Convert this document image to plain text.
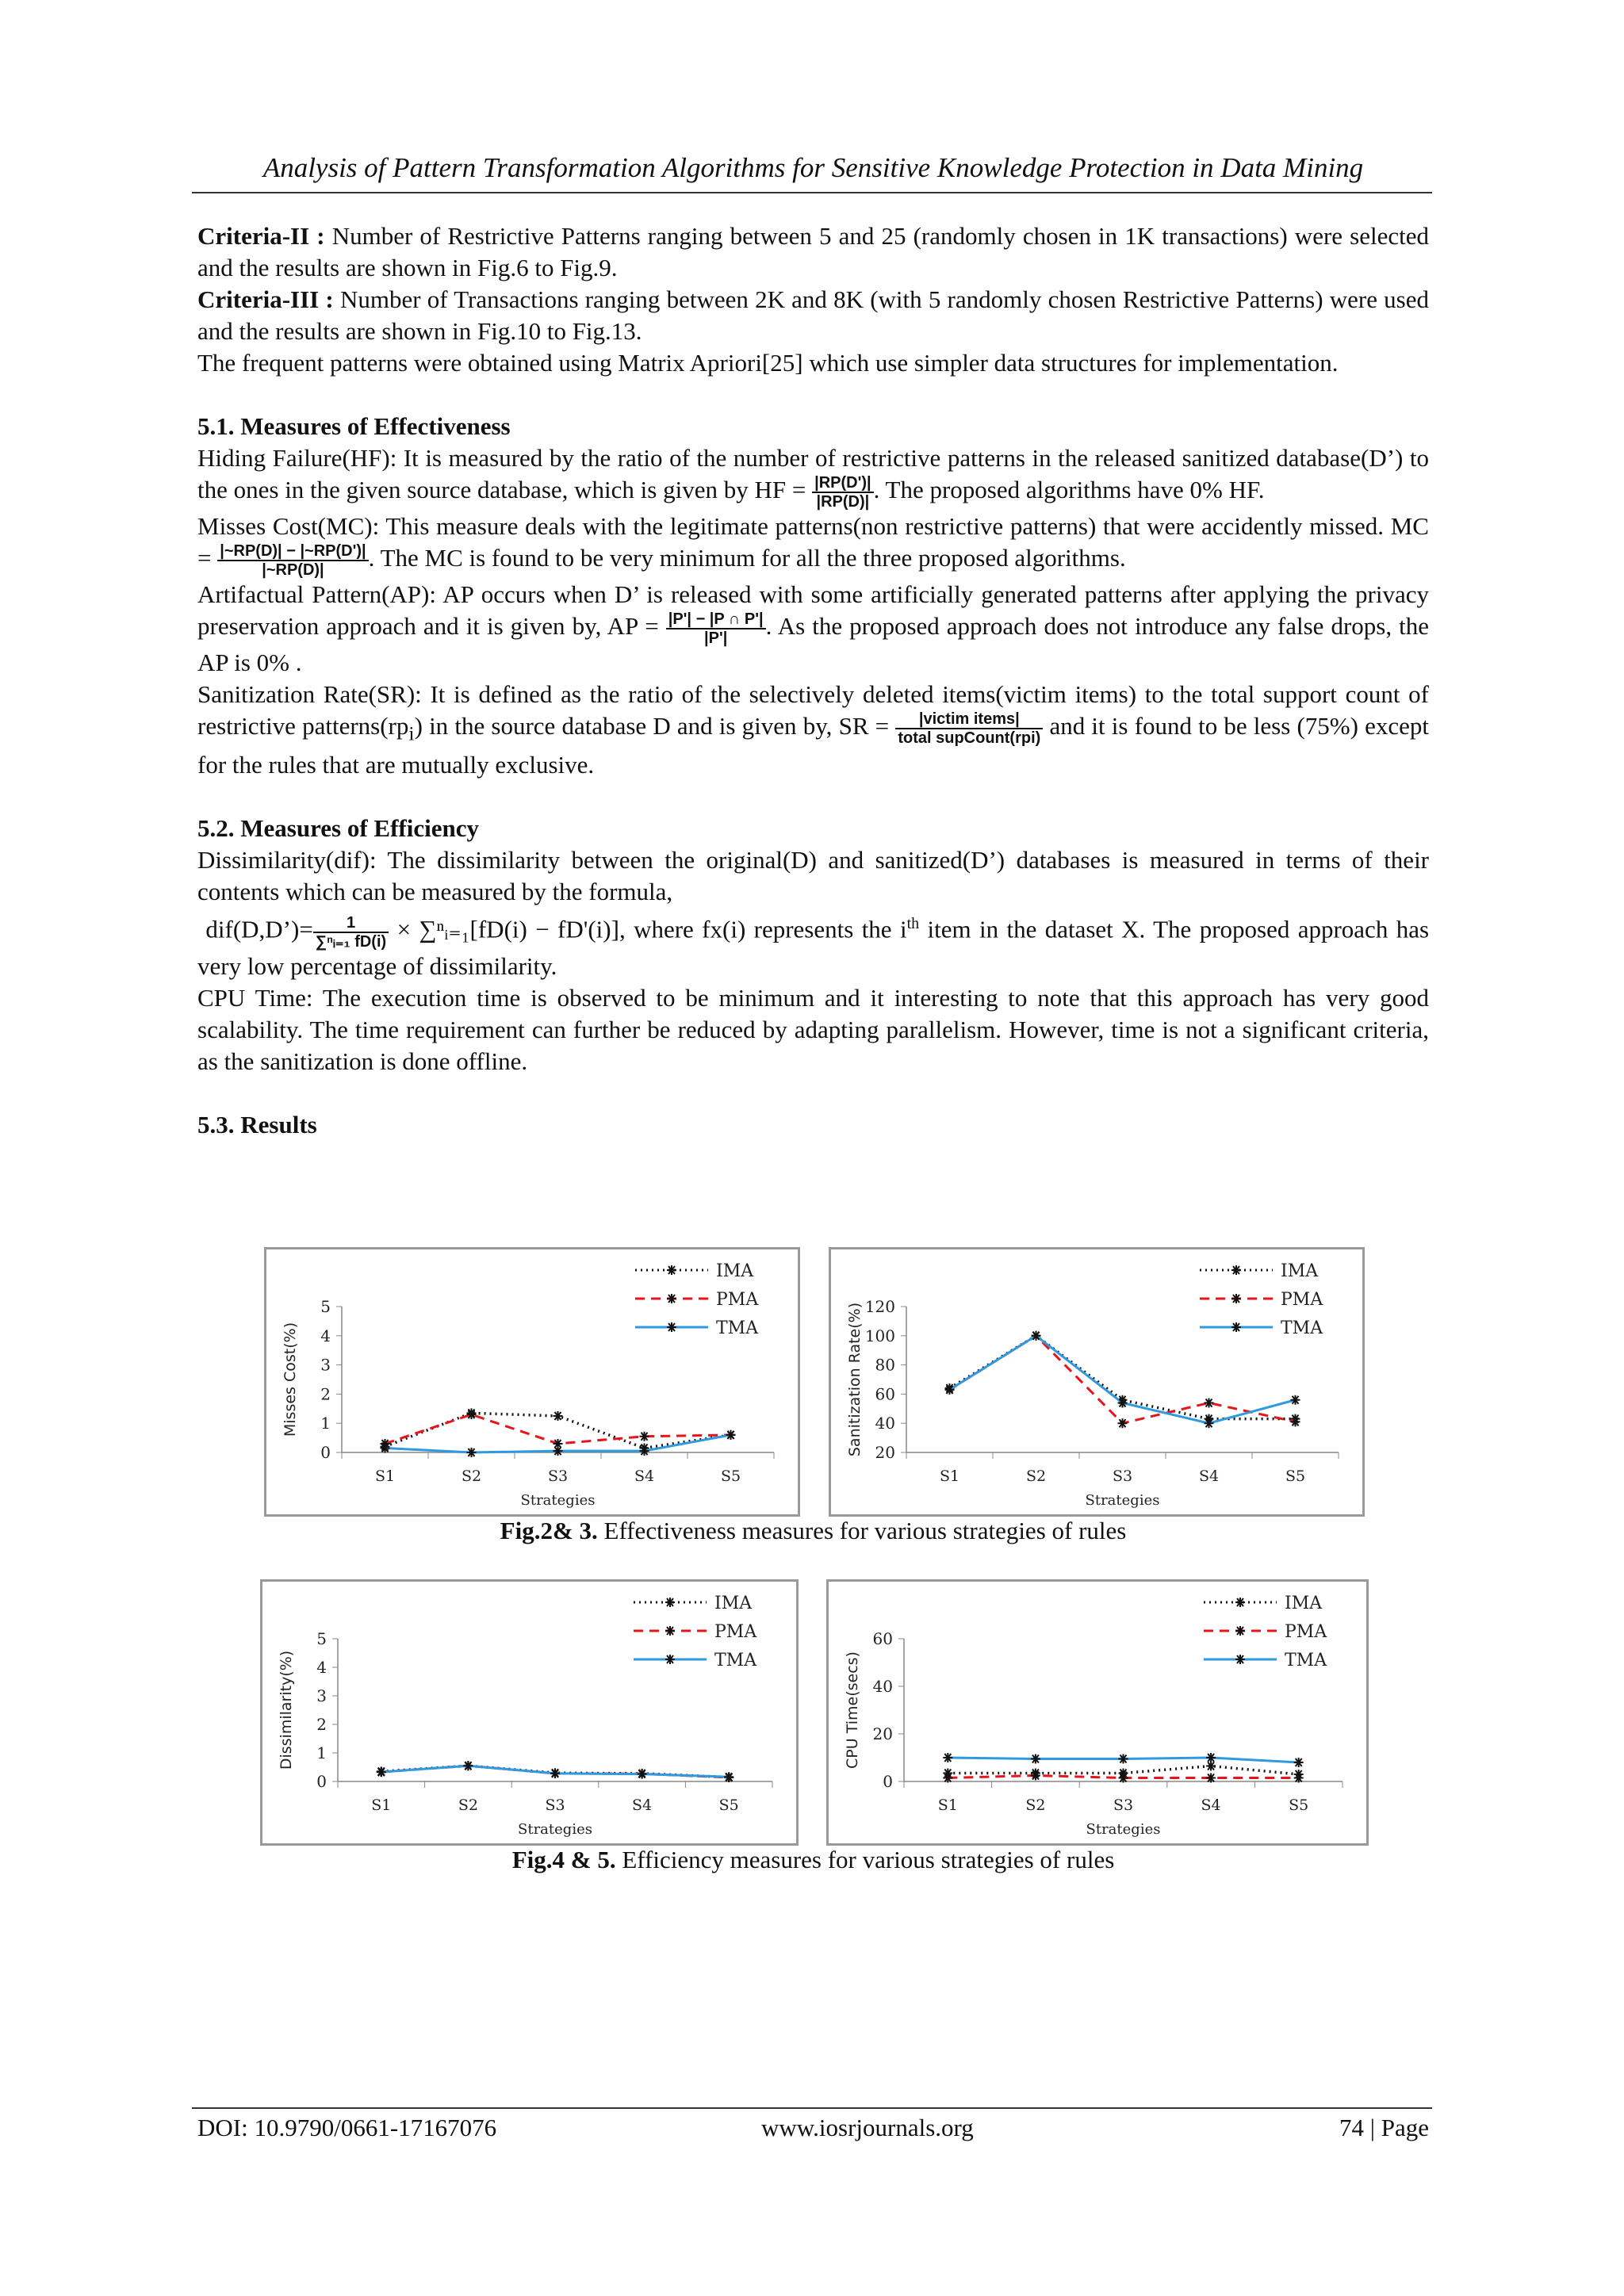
Analysis of Pattern Transformation Algorithms for Sensitive Knowledge Protection in Data Mining

Criteria-II : Number of Restrictive Patterns ranging between 5 and 25 (randomly chosen in 1K transactions) were selected and the results are shown in Fig.6 to Fig.9.

Criteria-III : Number of Transactions ranging between 2K and 8K (with 5 randomly chosen Restrictive Patterns) were used and the results are shown in Fig.10 to Fig.13.

The frequent patterns were obtained using Matrix Apriori[25] which use simpler data structures for implementation.

5.1. Measures of Effectiveness

Hiding Failure(HF): It is measured by the ratio of the number of restrictive patterns in the released sanitized database(D’) to the ones in the given source database, which is given by HF = $\frac{|RP(D')|}{|RP(D)|}$ . The proposed algorithms have 0% HF.

Misses Cost(MC): This measure deals with the legitimate patterns(non restrictive patterns) that were accidently missed. MC = $\frac{|\sim RP(D)| - |\sim RP(D')|}{|\sim RP(D)|}$ . The MC is found to be very minimum for all the three proposed algorithms.

Artifactual Pattern(AP): AP occurs when D’ is released with some artificially generated patterns after applying the privacy preservation approach and it is given by, AP = $\frac{|P'| - |P \cap P'|}{|P'|}$ . As the proposed approach does not introduce any false drops, the AP is 0% .

Sanitization Rate(SR): It is defined as the ratio of the selectively deleted items(victim items) to the total support count of restrictive $patterns(rp_i)$ in the source database D and is given by, SR = $\frac{\text{|victim items|}}{\text{total supCount(rpi)}}$ and it is found to be less (75%) except for the rules that are mutually exclusive.

5.2. Measures of Efficiency

Dissimilarity(dif): The dissimilarity between the original(D) and sanitized(D’) databases is measured in terms of their contents which can be measured by the formula,

dif(D,D’)= $\frac{1}{\text{∑ⁿᵢ₌₁ fD(i)}}$ × ∑ⁿᵢ₌₁[fD(i) − fD'(i)], where fx(i) represents the $i^{th}$ item in the dataset X. The proposed approach has very low percentage of dissimilarity.

CPU Time: The execution time is observed to be minimum and it interesting to note that this approach has very good scalability. The time requirement can further be reduced by adapting parallelism. However, time is not a significant criteria, as the sanitization is done offline.

5.3. Results
0
1
2
3
4
5
S1	S2	S3	S4	S5
Strategies
Misses Cost(%)
IMA
PMA
TMA
20
40
60
80
100
120
S1	S2	S3	S4	S5
Strategies
Sanitization Rate(%)
IMA
PMA
TMA
Fig.2& 3. Effectiveness measures for various strategies of rules
0
1
2
3
4
5
S1	S2	S3	S4	S5
Strategies
Dissimilarity(%)
IMA
PMA
TMA
0
20
40
60
S1	S2	S3	S4	S5
Strategies
CPU Time(secs)
IMA
PMA
TMA
Fig.4 & 5. Efficiency measures for various strategies of rules
DOI: 10.9790/0661-17167076	www.iosrjournals.org	74 | Page
